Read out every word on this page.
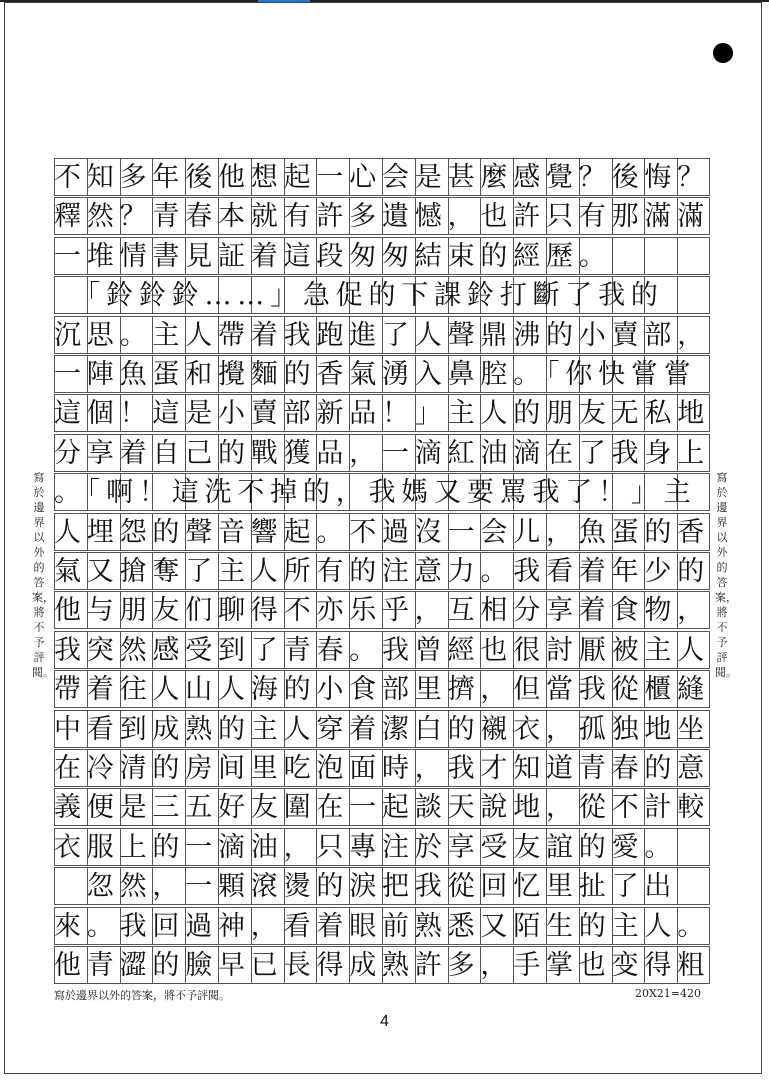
不知多年後他想起一心会是甚麼感覺？後悔？
釋然？青春本就有許多遺憾，也許只有那滿滿
一堆情書見証着這段匆匆結束的經歷。
　「鈴鈴鈴……」急促的下課鈴打斷了我的
沉思。主人帶着我跑進了人聲鼎沸的小賣部，
一陣魚蛋和攪麵的香氣湧入鼻腔。「你快嘗嘗
這個！這是小賣部新品！」主人的朋友无私地
分享着自己的戰獲品，一滴紅油滴在了我身上
。「啊！這洗不掉的，我媽又要罵我了！」主
人埋怨的聲音響起。不過沒一会儿，魚蛋的香
氣又搶奪了主人所有的注意力。我看着年少的
他与朋友们聊得不亦乐乎，互相分享着食物，
我突然感受到了青春。我曾經也很討厭被主人
帶着往人山人海的小食部里擠，但當我從櫃縫
中看到成熟的主人穿着潔白的襯衣，孤独地坐
在冷清的房间里吃泡面時，我才知道青春的意
義便是三五好友圍在一起談天說地，從不計較
衣服上的一滴油，只專注於享受友誼的愛。
　忽然，一顆滾燙的淚把我從回忆里扯了出
來。我回過神，看着眼前熟悉又陌生的主人。
他青澀的臉早已長得成熟許多，手掌也变得粗
寫於邊界以外的答案，將不予評閱。
寫於邊界以外的答案，將不予評閱。
寫於邊界以外的答案，將不予評閱。	20X21=420
4
